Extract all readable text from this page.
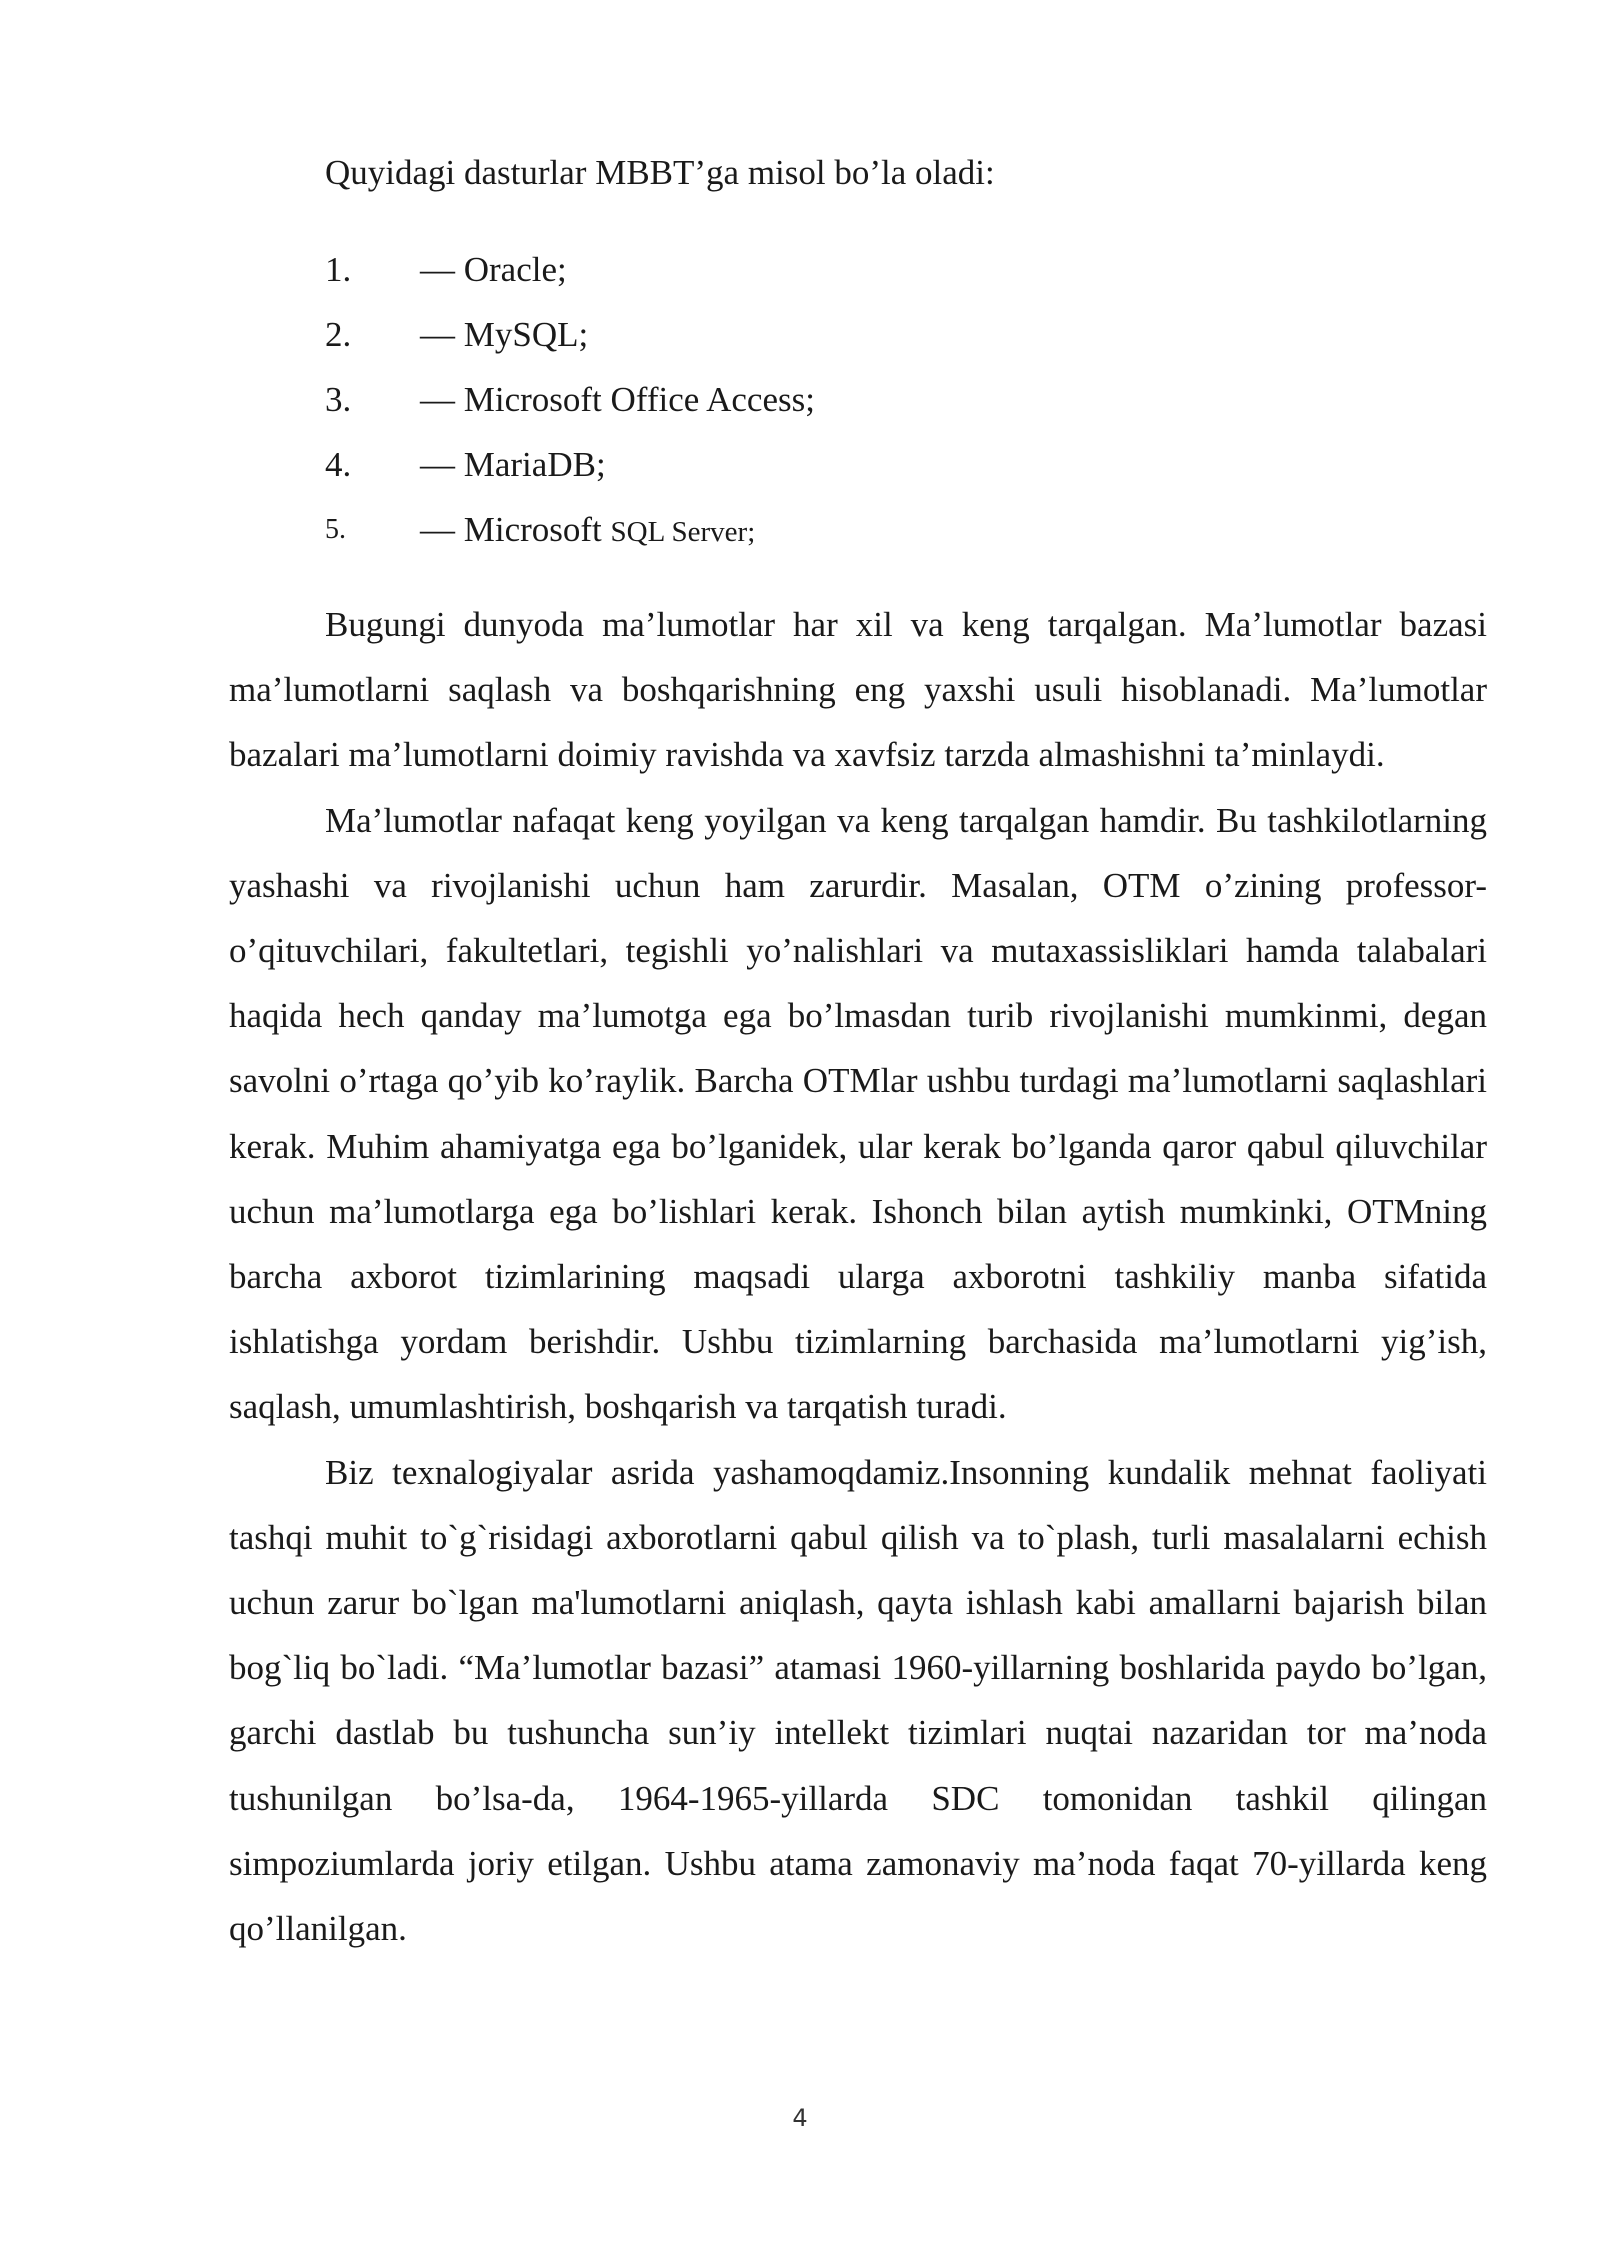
Quyidagi dasturlar MBBT’ga misol bo’la oladi:

1.	— Oracle;
2.	— MySQL;
3.	— Microsoft Office Access;
4.	— MariaDB;
5.	— Microsoft SQL Server;

Bugungi dunyoda ma’lumotlar har xil va keng tarqalgan. Ma’lumotlar bazasi ma’lumotlarni saqlash va boshqarishning eng yaxshi usuli hisoblanadi. Ma’lumotlar bazalari ma’lumotlarni doimiy ravishda va xavfsiz tarzda almashishni ta’minlaydi.

Ma’lumotlar nafaqat keng yoyilgan va keng tarqalgan hamdir. Bu tashkilotlarning yashashi va rivojlanishi uchun ham zarurdir. Masalan, OTM o’zining professor-o’qituvchilari, fakultetlari, tegishli yo’nalishlari va mutaxassisliklari hamda talabalari haqida hech qanday ma’lumotga ega bo’lmasdan turib rivojlanishi mumkinmi, degan savolni o’rtaga qo’yib ko’raylik. Barcha OTMlar ushbu turdagi ma’lumotlarni saqlashlari kerak. Muhim ahamiyatga ega bo’lganidek, ular kerak bo’lganda qaror qabul qiluvchilar uchun ma’lumotlarga ega bo’lishlari kerak. Ishonch bilan aytish mumkinki, OTMning barcha axborot tizimlarining maqsadi ularga axborotni tashkiliy manba sifatida ishlatishga yordam berishdir. Ushbu tizimlarning barchasida ma’lumotlarni yig’ish, saqlash, umumlashtirish, boshqarish va tarqatish turadi.

Biz texnalogiyalar asrida yashamoqdamiz.Insonning kundalik mehnat faoliyati tashqi muhit to`g`risidagi axborotlarni qabul qilish va to`plash, turli masalalarni echish uchun zarur bo`lgan ma'lumotlarni aniqlash, qayta ishlash kabi amallarni bajarish bilan bog`liq bo`ladi. “Ma’lumotlar bazasi” atamasi 1960-yillarning boshlarida paydo bo’lgan, garchi dastlab bu tushuncha sun’iy intellekt tizimlari nuqtai nazaridan tor ma’noda tushunilgan bo’lsa-da, 1964-1965-yillarda SDC tomonidan tashkil qilingan simpoziumlarda joriy etilgan. Ushbu atama zamonaviy ma’noda faqat 70-yillarda keng qo’llanilgan.

4
